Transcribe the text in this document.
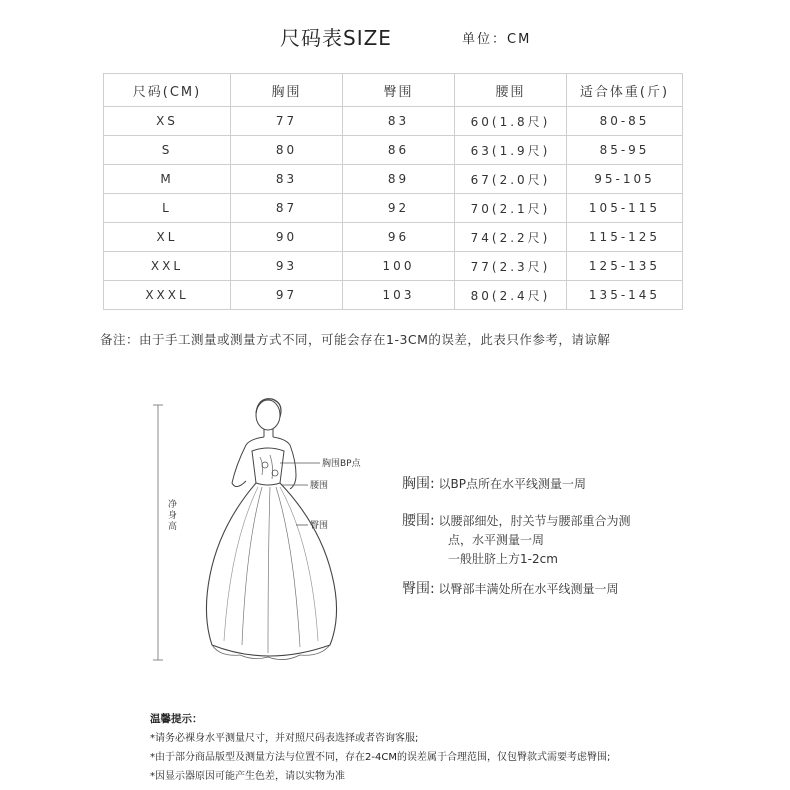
尺码表SIZE	单位：CM
尺码(CM)	胸围	臀围	腰围	适合体重(斤)
XS	77	83	60(1.8尺)	80-85
S	80	86	63(1.9尺)	85-95
M	83	89	67(2.0尺)	95-105
L	87	92	70(2.1尺)	105-115
XL	90	96	74(2.2尺)	115-125
XXL	93	100	77(2.3尺)	125-135
XXXL	97	103	80(2.4尺)	135-145
备注：由于手工测量或测量方式不同，可能会存在1-3CM的误差，此表只作参考，请谅解
净 身 高
胸围BP点
腰围
臀围
胸围: 以BP点所在水平线测量一周
腰围: 以腰部细处，肘关节与腰部重合为测
点，水平测量一周
一般肚脐上方1-2cm
臀围: 以臀部丰满处所在水平线测量一周
温馨提示：
*请务必裸身水平测量尺寸，并对照尺码表选择或者咨询客服;
*由于部分商品版型及测量方法与位置不同，存在2-4CM的误差属于合理范围，仅包臀款式需要考虑臀围;
*因显示器原因可能产生色差，请以实物为准
